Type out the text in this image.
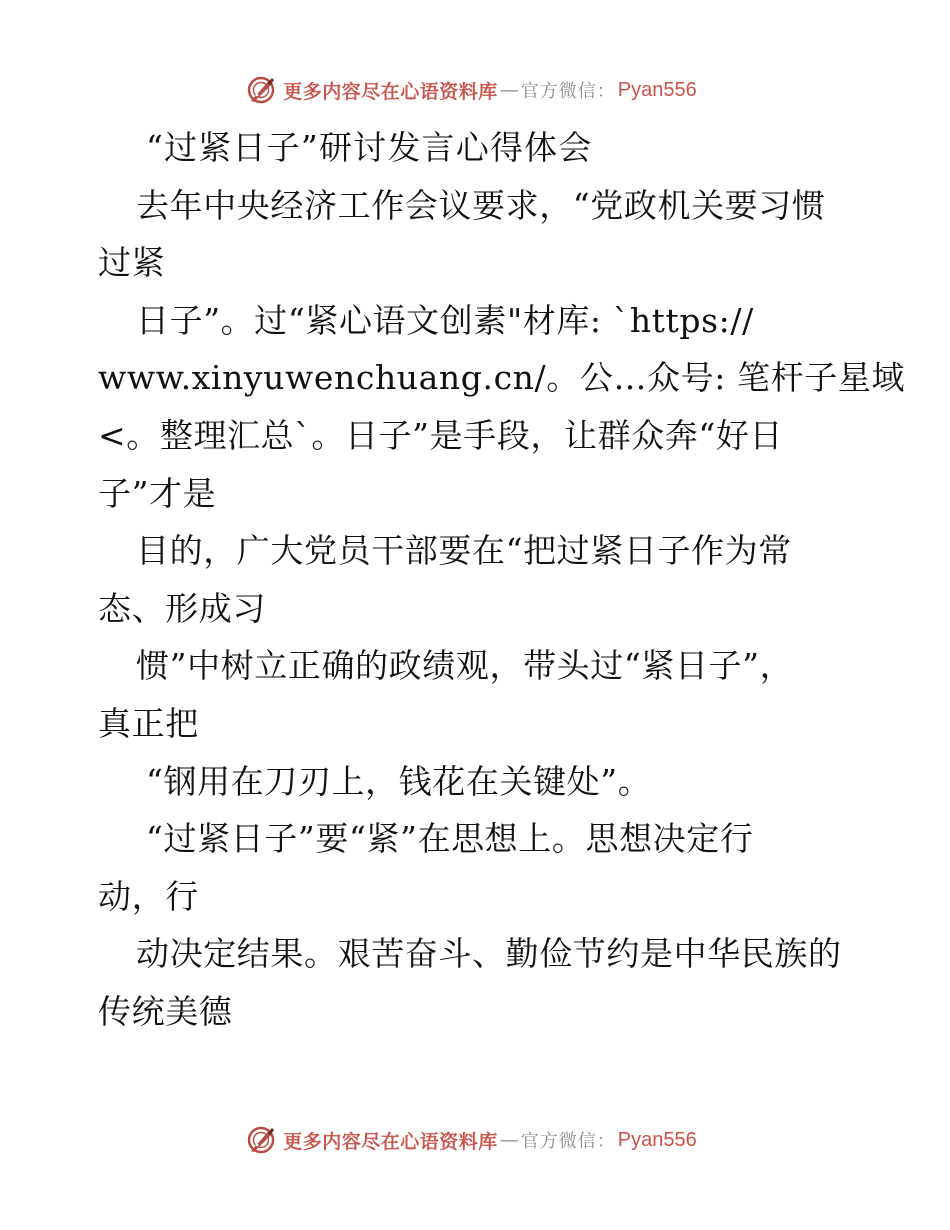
更多内容尽在心语资料库 — 官方微信： Pyan556
“过紧日子”研讨发言心得体会
去年中央经济工作会议要求，“党政机关要习惯
过紧
日子”。过“紧心语文创素"材库: `https://
www.xinyuwenchuang.cn/。公…众号: 笔杆子星域
<。整理汇总`。日子”是手段，让群众奔“好日
子”才是
目的，广大党员干部要在“把过紧日子作为常
态、形成习
惯”中树立正确的政绩观，带头过“紧日子”，
真正把
“钢用在刀刃上，钱花在关键处”。
“过紧日子”要“紧”在思想上。思想决定行
动，行
动决定结果。艰苦奋斗、勤俭节约是中华民族的
传统美德
更多内容尽在心语资料库 — 官方微信： Pyan556
